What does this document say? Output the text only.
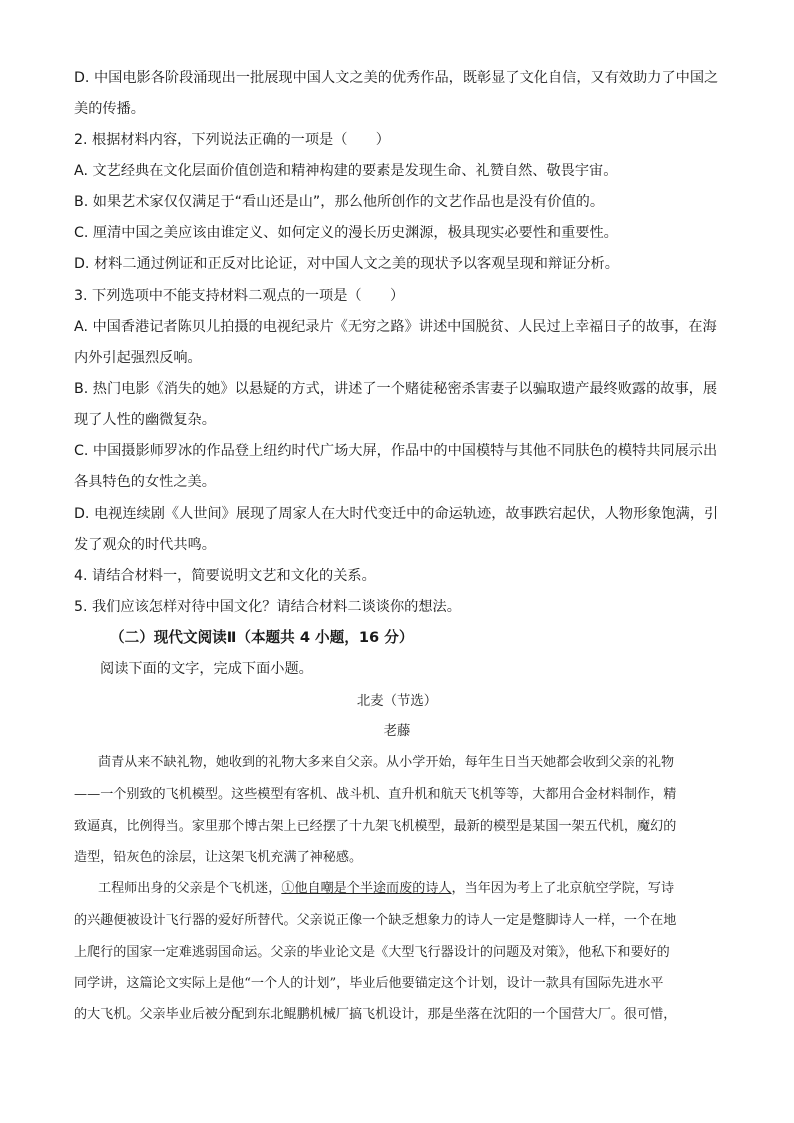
D. 中国电影各阶段涌现出一批展现中国人文之美的优秀作品，既彰显了文化自信，又有效助力了中国之
美的传播。
2. 根据材料内容，下列说法正确的一项是（　　）
A. 文艺经典在文化层面价值创造和精神构建的要素是发现生命、礼赞自然、敬畏宇宙。
B. 如果艺术家仅仅满足于“看山还是山”，那么他所创作的文艺作品也是没有价值的。
C. 厘清中国之美应该由谁定义、如何定义的漫长历史渊源，极具现实必要性和重要性。
D. 材料二通过例证和正反对比论证，对中国人文之美的现状予以客观呈现和辩证分析。
3. 下列选项中不能支持材料二观点的一项是（　　）
A. 中国香港记者陈贝儿拍摄的电视纪录片《无穷之路》讲述中国脱贫、人民过上幸福日子的故事，在海
内外引起强烈反响。
B. 热门电影《消失的她》以悬疑的方式，讲述了一个赌徒秘密杀害妻子以骗取遗产最终败露的故事，展
现了人性的幽微复杂。
C. 中国摄影师罗冰的作品登上纽约时代广场大屏，作品中的中国模特与其他不同肤色的模特共同展示出
各具特色的女性之美。
D. 电视连续剧《人世间》展现了周家人在大时代变迁中的命运轨迹，故事跌宕起伏，人物形象饱满，引
发了观众的时代共鸣。
4. 请结合材料一，简要说明文艺和文化的关系。
5. 我们应该怎样对待中国文化？请结合材料二谈谈你的想法。
（二）现代文阅读Ⅱ（本题共 4 小题，16 分）
阅读下面的文字，完成下面小题。
北麦（节选）
老藤
茴青从来不缺礼物，她收到的礼物大多来自父亲。从小学开始，每年生日当天她都会收到父亲的礼物
——一个别致的飞机模型。这些模型有客机、战斗机、直升机和航天飞机等等，大都用合金材料制作，精
致逼真，比例得当。家里那个博古架上已经摆了十九架飞机模型，最新的模型是某国一架五代机，魔幻的
造型，铅灰色的涂层，让这架飞机充满了神秘感。
工程师出身的父亲是个飞机迷，①他自嘲是个半途而废的诗人，当年因为考上了北京航空学院，写诗
的兴趣便被设计飞行器的爱好所替代。父亲说正像一个缺乏想象力的诗人一定是蹩脚诗人一样，一个在地
上爬行的国家一定难逃弱国命运。父亲的毕业论文是《大型飞行器设计的问题及对策》，他私下和要好的
同学讲，这篇论文实际上是他“一个人的计划”，毕业后他要锚定这个计划，设计一款具有国际先进水平
的大飞机。父亲毕业后被分配到东北鲲鹏机械厂搞飞机设计，那是坐落在沈阳的一个国营大厂。很可惜，
